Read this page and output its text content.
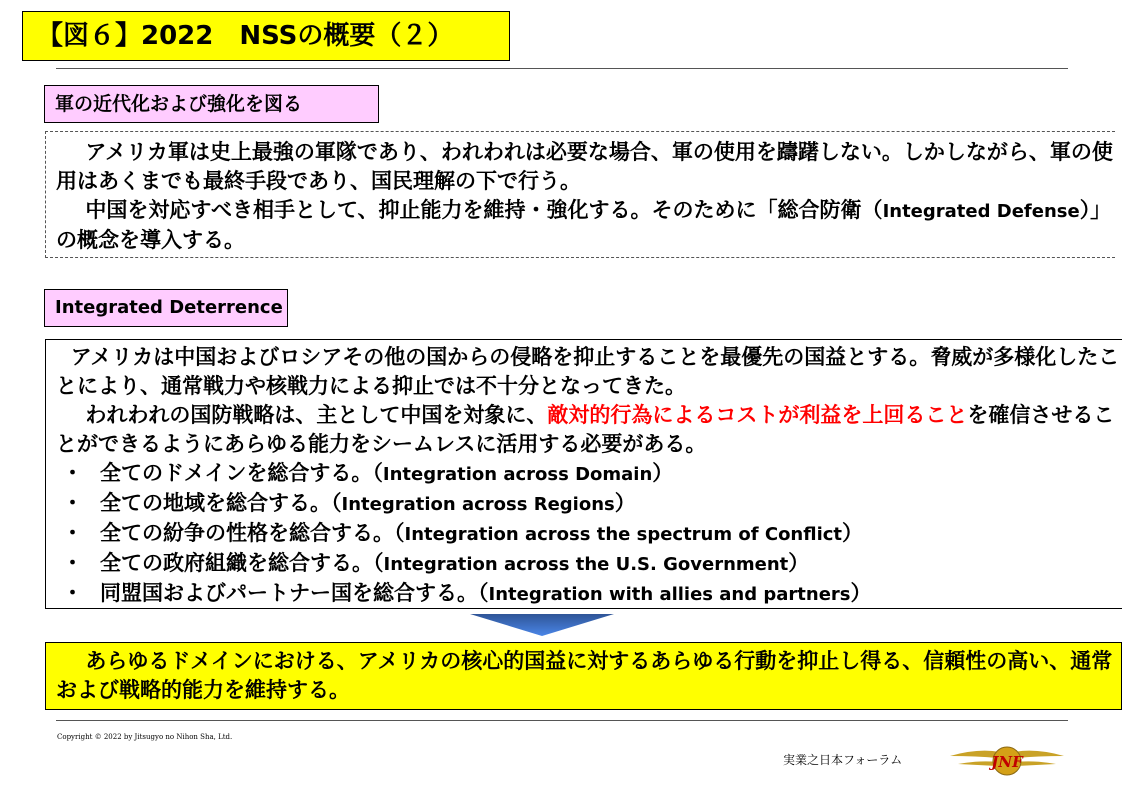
【図６】2022　NSSの概要（２）
軍の近代化および強化を図る

アメリカ軍は史上最強の軍隊であり、われわれは必要な場合、軍の使用を躊躇しない。しかしながら、軍の使用はあくまでも最終手段であり、国民理解の下で行う。

中国を対応すべき相手として、抑止能力を維持・強化する。そのために「総合防衛（Integrated Defense）」の概念を導入する。

Integrated Deterrence

アメリカは中国およびロシアその他の国からの侵略を抑止することを最優先の国益とする。脅威が多様化したことにより、通常戦力や核戦力による抑止では不十分となってきた。

われわれの国防戦略は、主として中国を対象に、敵対的行為によるコストが利益を上回ることを確信させることができるようにあらゆる能力をシームレスに活用する必要がある。

・ 全てのドメインを総合する。（Integration across Domain）
・ 全ての地域を総合する。（Integration across Regions）
・ 全ての紛争の性格を総合する。（Integration across the spectrum of Conflict）
・ 全ての政府組織を総合する。（Integration across the U.S. Government）
・ 同盟国およびパートナー国を総合する。（Integration with allies and partners）

あらゆるドメインにおける、アメリカの核心的国益に対するあらゆる行動を抑止し得る、信頼性の高い、通常および戦略的能力を維持する。

Copyright © 2022 by Jitsugyo no Nihon Sha, Ltd.
実業之日本フォーラム	JNF
